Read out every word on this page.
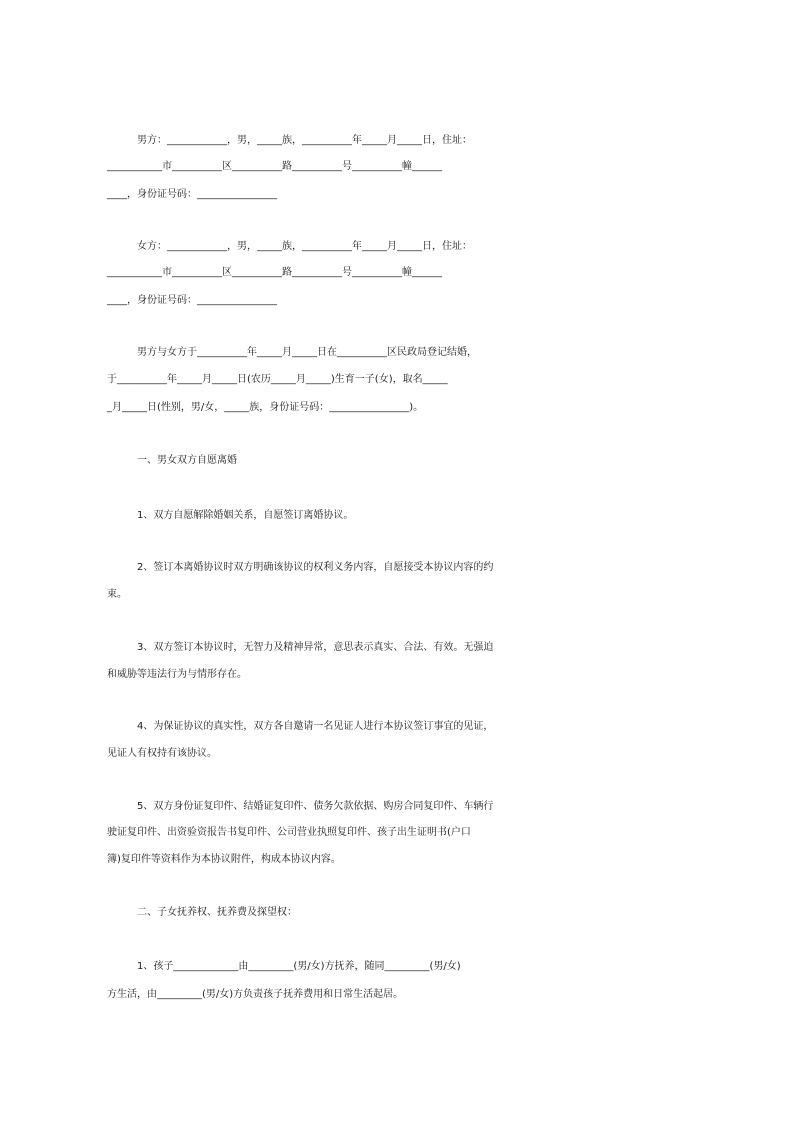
男方：____________，男，_____族，__________年_____月_____日，住址：
___________市__________区__________路__________号__________幢______
____，身份证号码：________________
女方：____________，男，_____族，__________年_____月_____日，住址：
___________市__________区__________路__________号__________幢______
____，身份证号码：________________
男方与女方于__________年_____月_____日在__________区民政局登记结婚，
于__________年_____月_____日(农历_____月_____)生育一子(女)，取名_____
_月_____日(性别，男/女，_____族，身份证号码：________________)。
一、男女双方自愿离婚
1、双方自愿解除婚姻关系，自愿签订离婚协议。
2、签订本离婚协议时双方明确该协议的权利义务内容，自愿接受本协议内容的约
束。
3、双方签订本协议时，无智力及精神异常，意思表示真实、合法、有效。无强迫
和威胁等违法行为与情形存在。
4、为保证协议的真实性，双方各自邀请一名见证人进行本协议签订事宜的见证，
见证人有权持有该协议。
5、双方身份证复印件、结婚证复印件、债务欠款依据、购房合同复印件、车辆行
驶证复印件、出资验资报告书复印件、公司营业执照复印件、孩子出生证明书(户口
簿)复印件等资料作为本协议附件，构成本协议内容。
二、子女抚养权、抚养费及探望权：
1、孩子_____________由_________(男/女)方抚养，随同_________(男/女)
方生活，由_________(男/女)方负责孩子抚养费用和日常生活起居。
